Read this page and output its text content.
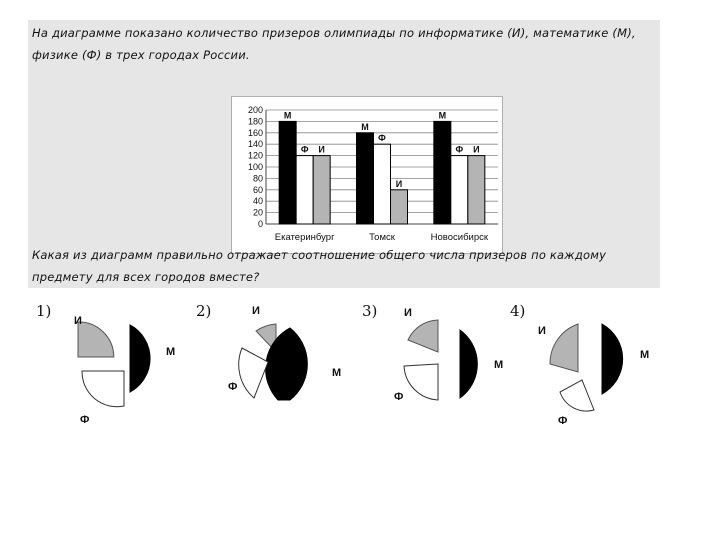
На диаграмме показано количество призеров олимпиады по информатике (И), математике (М), физике (Ф) в трех городах России.

0
20
40
60
80
100
120
140
160
180
200
М
Ф И
Екатеринбург
М
Ф
И
Томск
М
Ф И
Новосибирск

Какая из диаграмм правильно отражает соотношение общего числа призеров по каждому предмету для всех городов вместе?

1)
И
М
Ф
2)	И
М
Ф
3) И
М
Ф
4)
И
М
Ф
